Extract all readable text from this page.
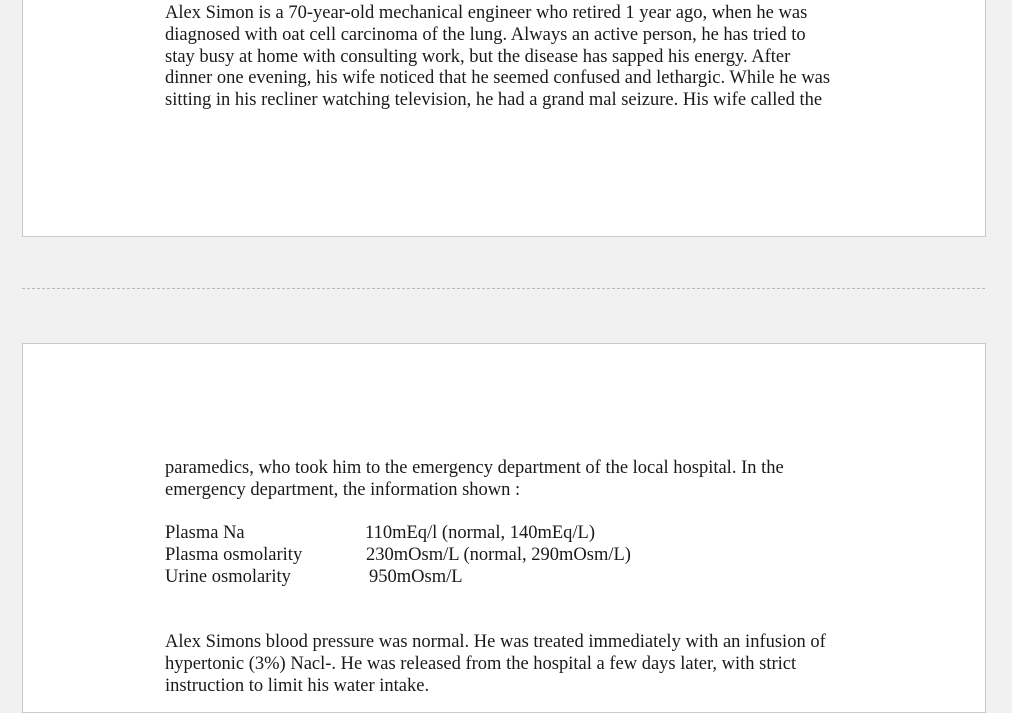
Alex Simon is a 70-year-old mechanical engineer who retired 1 year ago, when he was
diagnosed with oat cell carcinoma of the lung. Always an active person, he has tried to
stay busy at home with consulting work, but the disease has sapped his energy. After
dinner one evening, his wife noticed that he seemed confused and lethargic. While he was
sitting in his recliner watching television, he had a grand mal seizure. His wife called the
paramedics, who took him to the emergency department of the local hospital. In the
emergency department, the information shown :
Plasma Na	110mEq/l (normal, 140mEq/L)
Plasma osmolarity	230mOsm/L (normal, 290mOsm/L)
Urine osmolarity	950mOsm/L
Alex Simons blood pressure was normal. He was treated immediately with an infusion of
hypertonic (3%) Nacl-. He was released from the hospital a few days later, with strict
instruction to limit his water intake.
